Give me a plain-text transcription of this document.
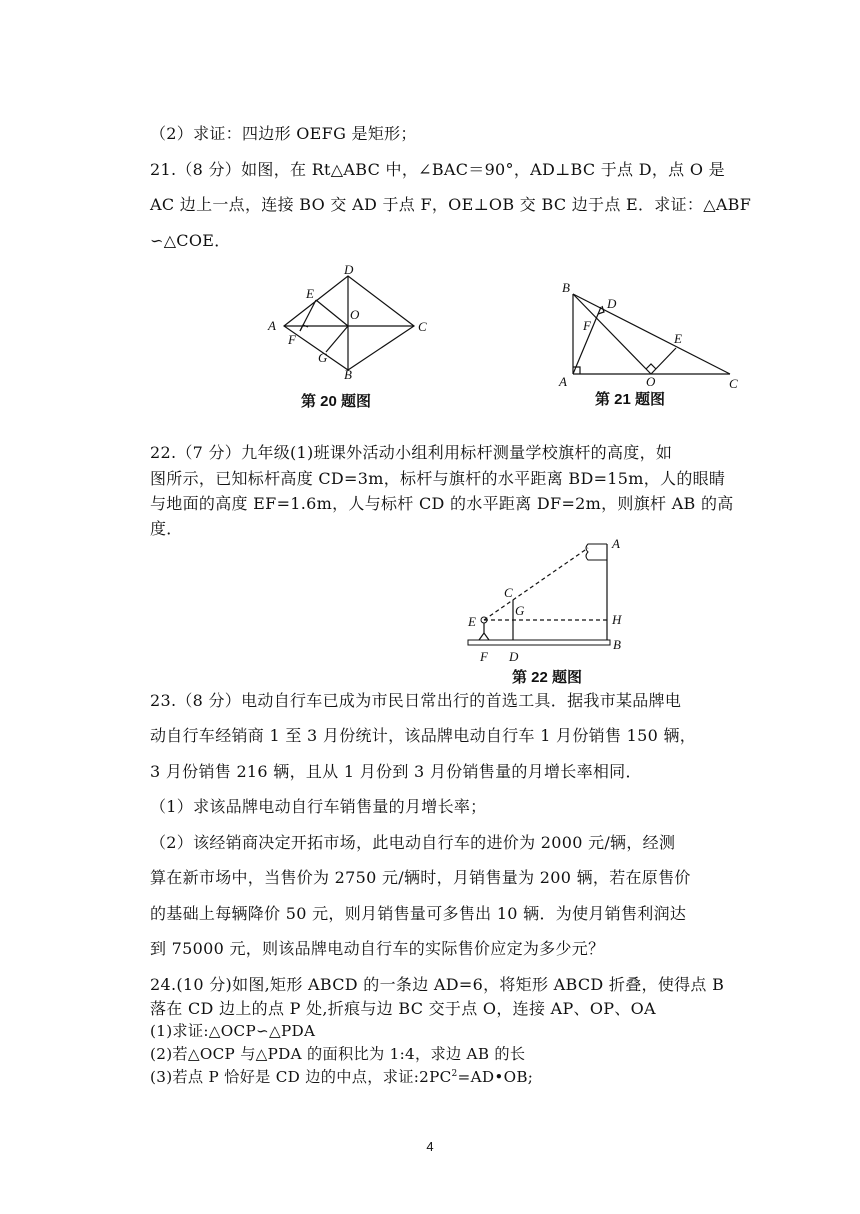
（2）求证：四边形 OEFG 是矩形；
21.（8 分）如图，在 Rt△ABC 中，∠BAC＝90°，AD⊥BC 于点 D，点 O 是
AC 边上一点，连接 BO 交 AD 于点 F，OE⊥OB 交 BC 边于点 E．求证：△ABF
∽△COE．
D
E
A
O
C
F
G
B
第 20 题图
B
D
F
E
A	O	C
第 21 题图
22.（7 分）九年级(1)班课外活动小组利用标杆测量学校旗杆的高度，如
图所示，已知标杆高度 CD=3m，标杆与旗杆的水平距离 BD=15m，人的眼睛
与地面的高度 EF=1.6m，人与标杆 CD 的水平距离 DF=2m，则旗杆 AB 的高
度．
A
C
G
H
E
B
F D
第 22 题图
23.（8 分）电动自行车已成为市民日常出行的首选工具．据我市某品牌电
动自行车经销商 1 至 3 月份统计，该品牌电动自行车 1 月份销售 150 辆，
3 月份销售 216 辆，且从 1 月份到 3 月份销售量的月增长率相同．
（1）求该品牌电动自行车销售量的月增长率；
（2）该经销商决定开拓市场，此电动自行车的进价为 2000 元/辆，经测
算在新市场中，当售价为 2750 元/辆时，月销售量为 200 辆，若在原售价
的基础上每辆降价 50 元，则月销售量可多售出 10 辆．为使月销售利润达
到 75000 元，则该品牌电动自行车的实际售价应定为多少元？
24.(10 分)如图,矩形 ABCD 的一条边 AD=6，将矩形 ABCD 折叠，使得点 B
落在 CD 边上的点 P 处,折痕与边 BC 交于点 O，连接 AP、OP、OA
(1)求证:△OCP∽△PDA
(2)若△OCP 与△PDA 的面积比为 1:4，求边 AB 的长
(3)若点 P 恰好是 CD 边的中点，求证$:2PC^2=AD•OB$;
4
